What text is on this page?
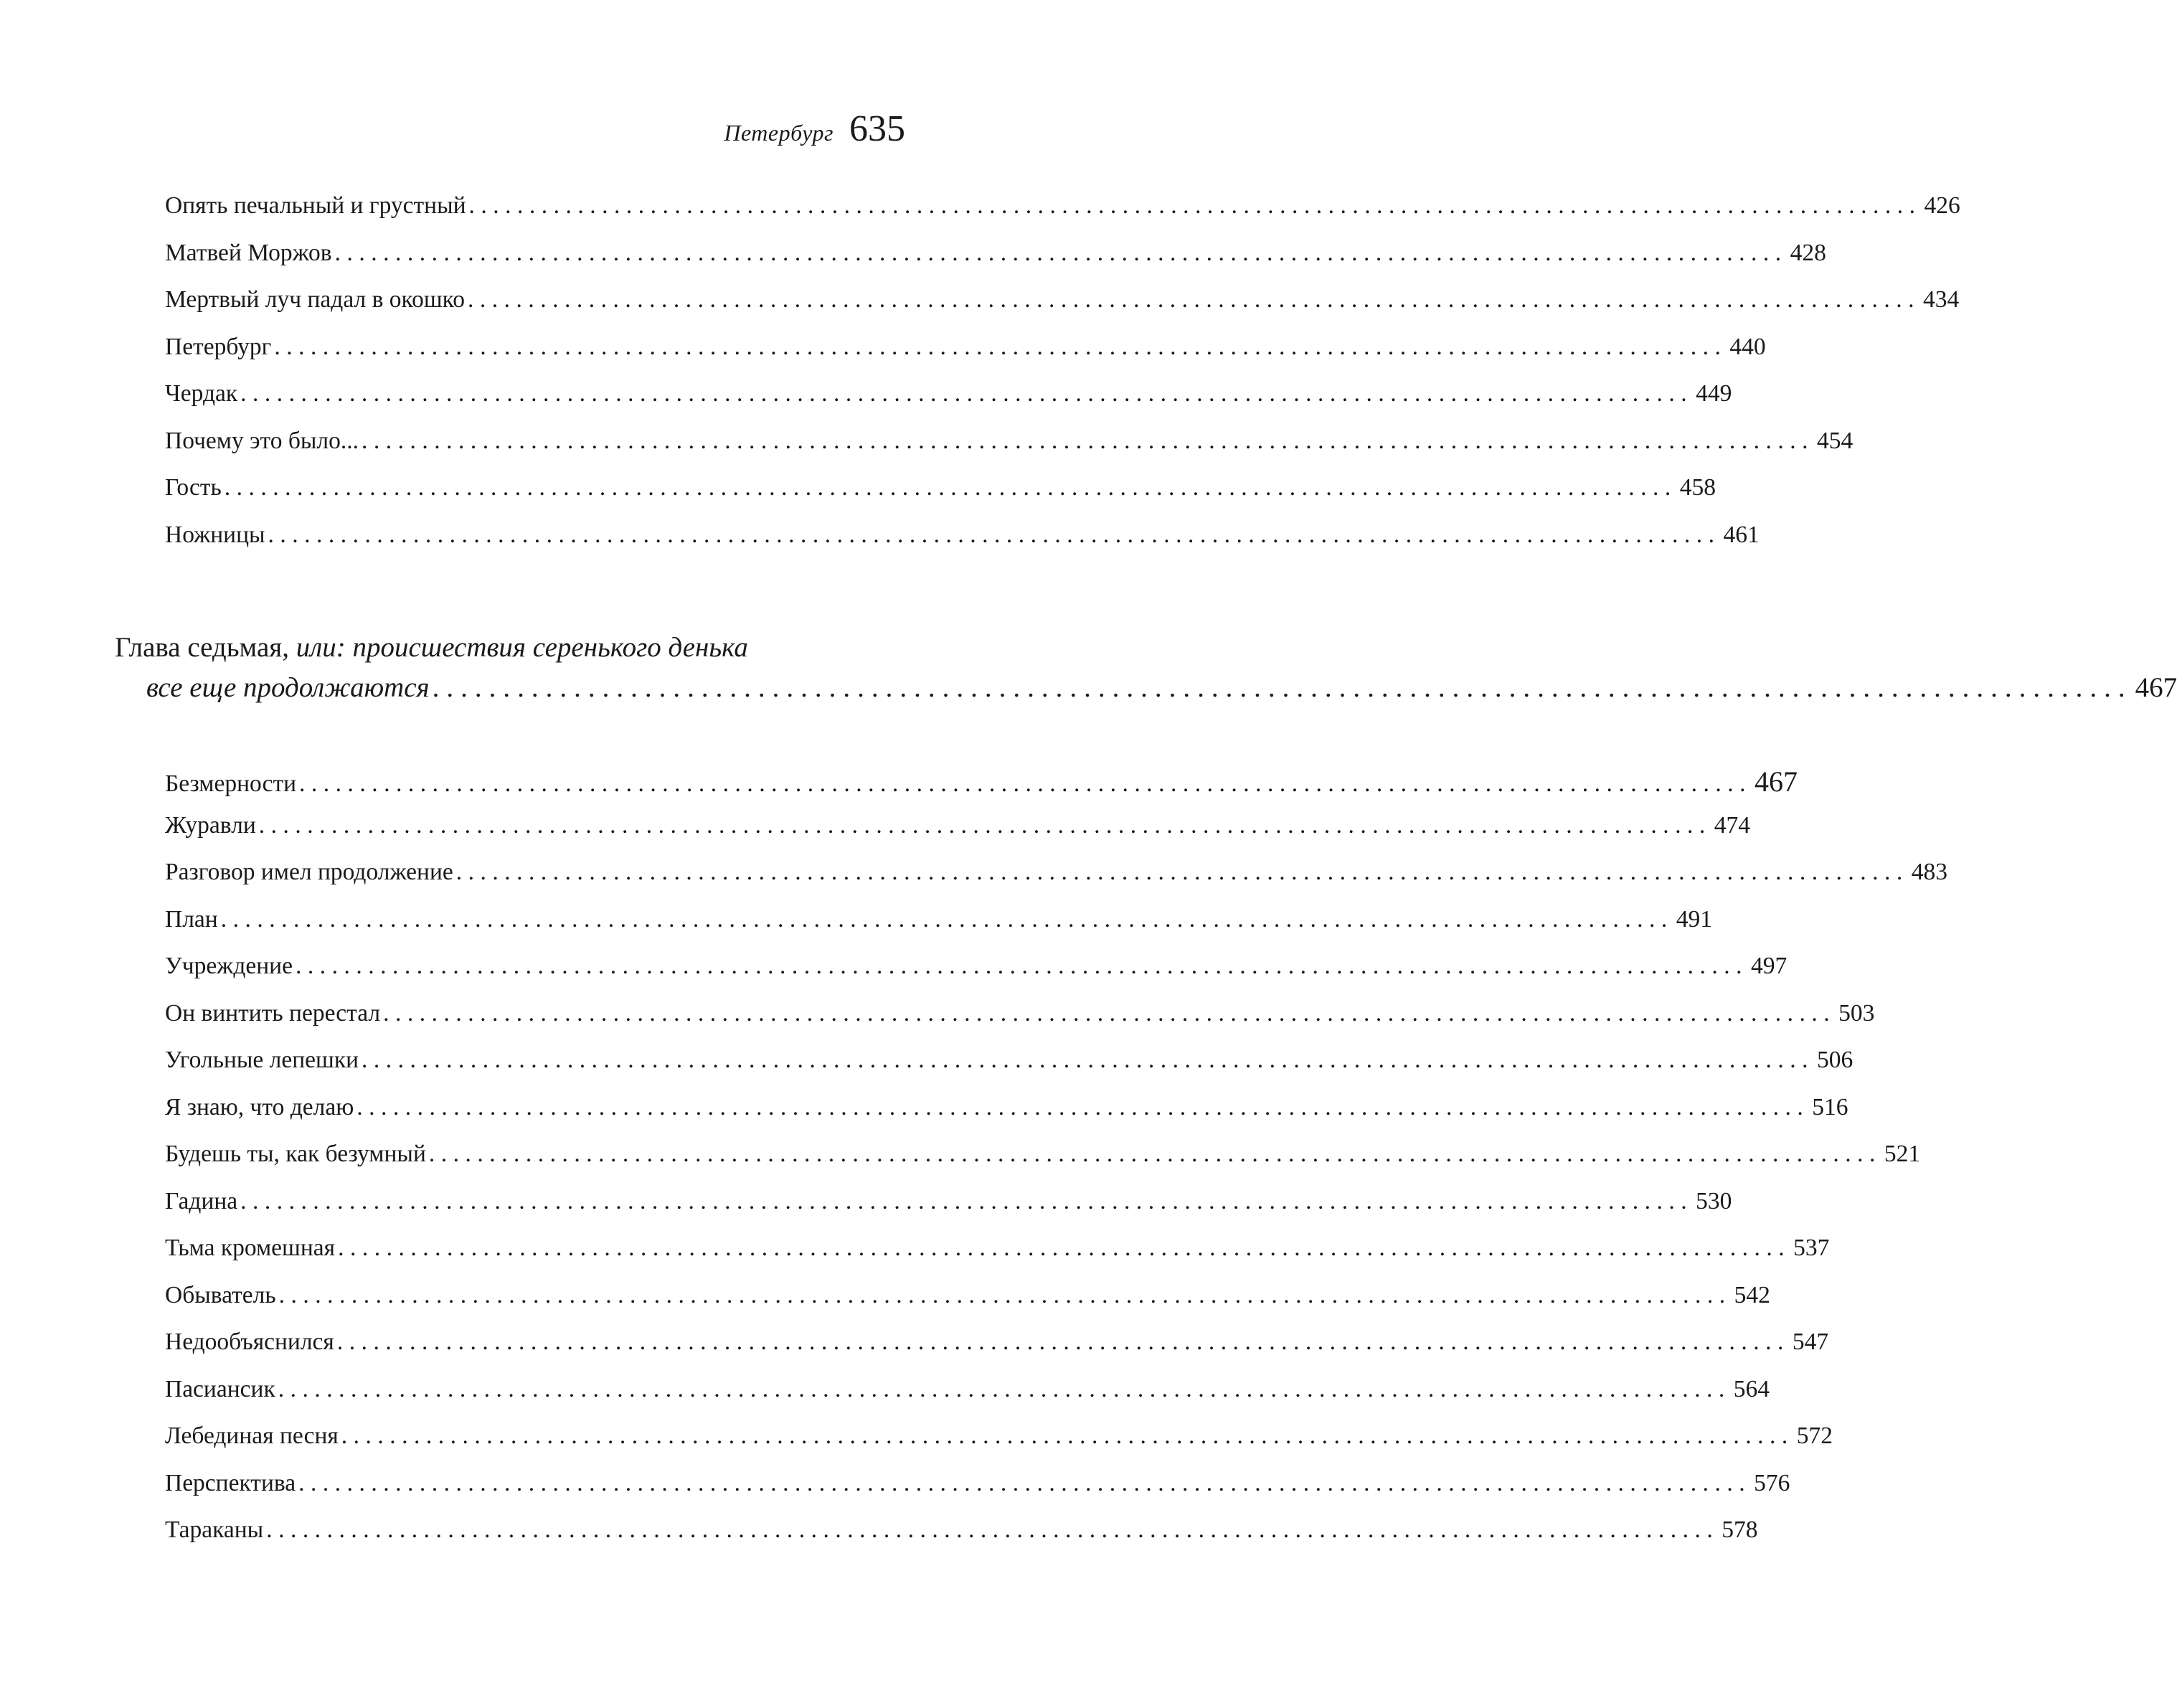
Петербург 635
Опять печальный и грустный ........................................................................................................................ 426
Матвей Моржов ........................................................................................................................ 428
Мертвый луч падал в окошко ........................................................................................................................ 434
Петербург ........................................................................................................................ 440
Чердак ........................................................................................................................ 449
Почему это было... ........................................................................................................................ 454
Гость ........................................................................................................................ 458
Ножницы ........................................................................................................................ 461
Глава седьмая, или: происшествия серенького денька
все еще продолжаются ........................................................................................................................ 467
Безмерности ........................................................................................................................ 467
Журавли ........................................................................................................................ 474
Разговор имел продолжение ........................................................................................................................ 483
План ........................................................................................................................ 491
Учреждение ........................................................................................................................ 497
Он винтить перестал ........................................................................................................................ 503
Угольные лепешки ........................................................................................................................ 506
Я знаю, что делаю ........................................................................................................................ 516
Будешь ты, как безумный ........................................................................................................................ 521
Гадина ........................................................................................................................ 530
Тьма кромешная ........................................................................................................................ 537
Обыватель ........................................................................................................................ 542
Недообъяснился ........................................................................................................................ 547
Пасиансик ........................................................................................................................ 564
Лебединая песня ........................................................................................................................ 572
Перспектива ........................................................................................................................ 576
Тараканы ........................................................................................................................ 578
